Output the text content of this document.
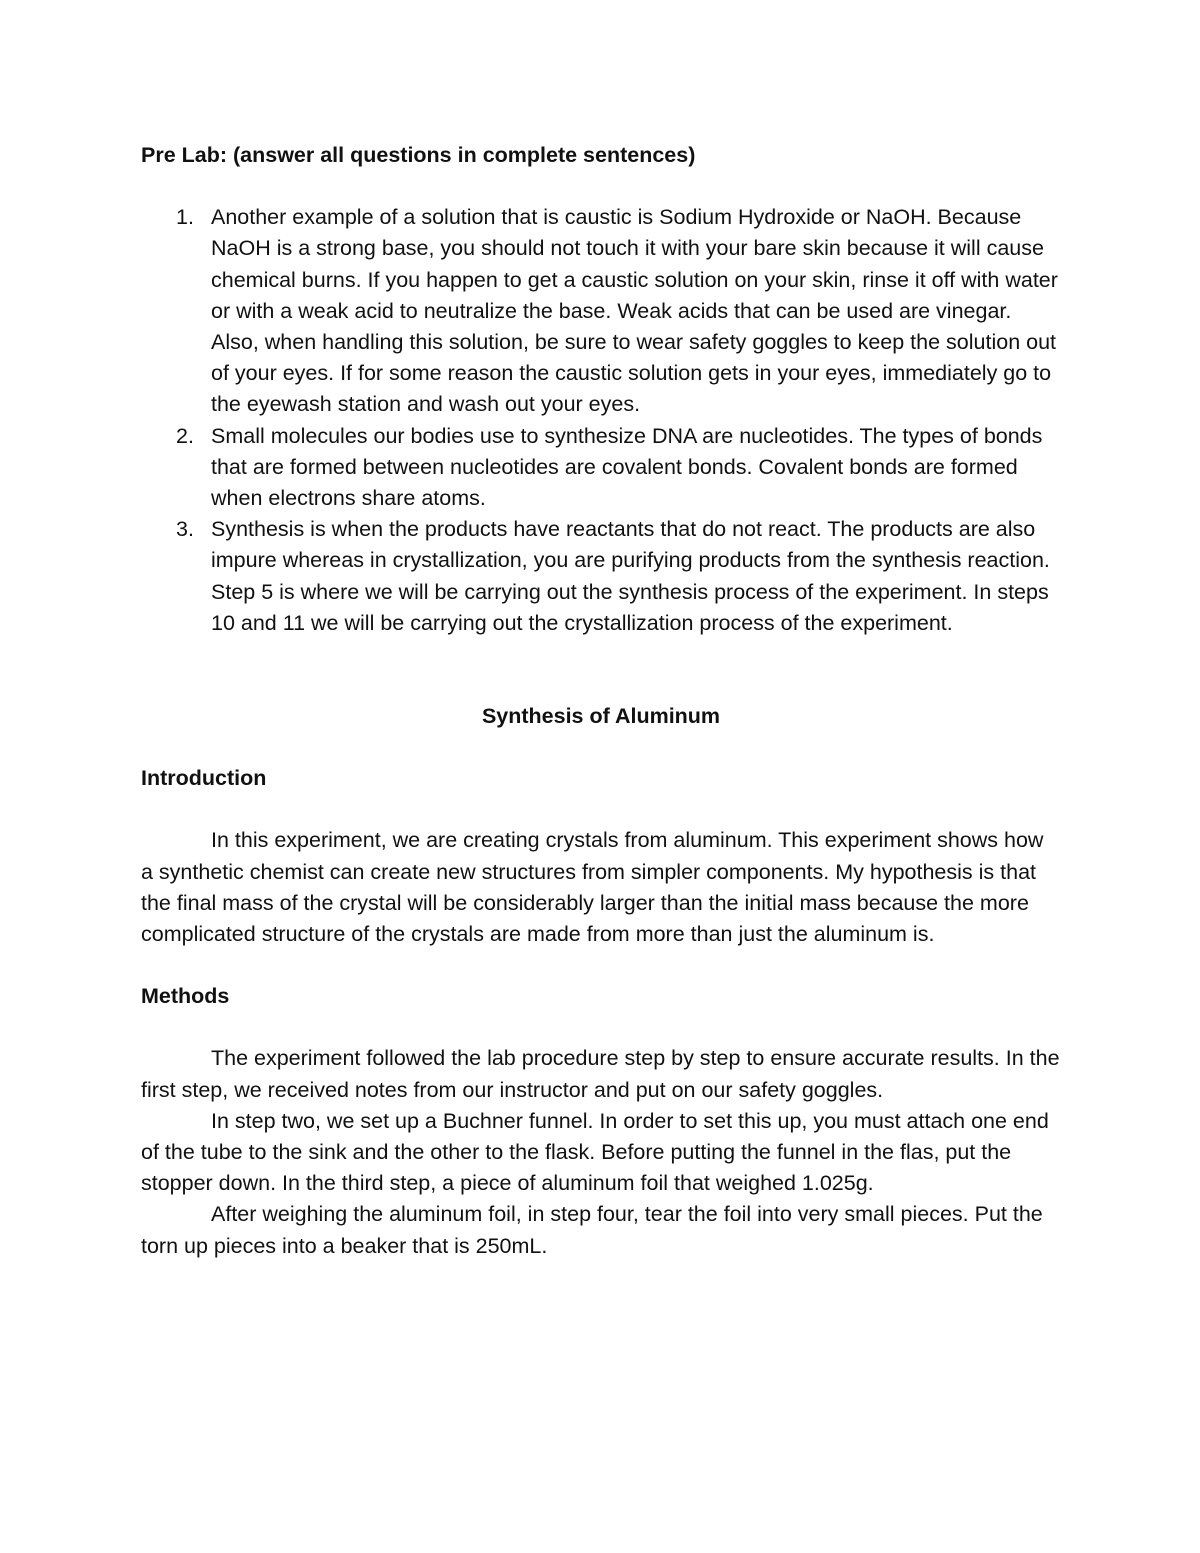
Pre Lab: (answer all questions in complete sentences)
1. Another example of a solution that is caustic is Sodium Hydroxide or NaOH. Because NaOH is a strong base, you should not touch it with your bare skin because it will cause chemical burns. If you happen to get a caustic solution on your skin, rinse it off with water or with a weak acid to neutralize the base. Weak acids that can be used are vinegar. Also, when handling this solution, be sure to wear safety goggles to keep the solution out of your eyes. If for some reason the caustic solution gets in your eyes, immediately go to the eyewash station and wash out your eyes.
2. Small molecules our bodies use to synthesize DNA are nucleotides. The types of bonds that are formed between nucleotides are covalent bonds. Covalent bonds are formed when electrons share atoms.
3. Synthesis is when the products have reactants that do not react. The products are also impure whereas in crystallization, you are purifying products from the synthesis reaction. Step 5 is where we will be carrying out the synthesis process of the experiment. In steps 10 and 11 we will be carrying out the crystallization process of the experiment.
Synthesis of Aluminum
Introduction

In this experiment, we are creating crystals from aluminum. This experiment shows how a synthetic chemist can create new structures from simpler components. My hypothesis is that the final mass of the crystal will be considerably larger than the initial mass because the more complicated structure of the crystals are made from more than just the aluminum is.

Methods

The experiment followed the lab procedure step by step to ensure accurate results. In the first step, we received notes from our instructor and put on our safety goggles.

In step two, we set up a Buchner funnel. In order to set this up, you must attach one end of the tube to the sink and the other to the flask. Before putting the funnel in the flas, put the stopper down. In the third step, a piece of aluminum foil that weighed 1.025g.

After weighing the aluminum foil, in step four, tear the foil into very small pieces. Put the torn up pieces into a beaker that is 250mL.
